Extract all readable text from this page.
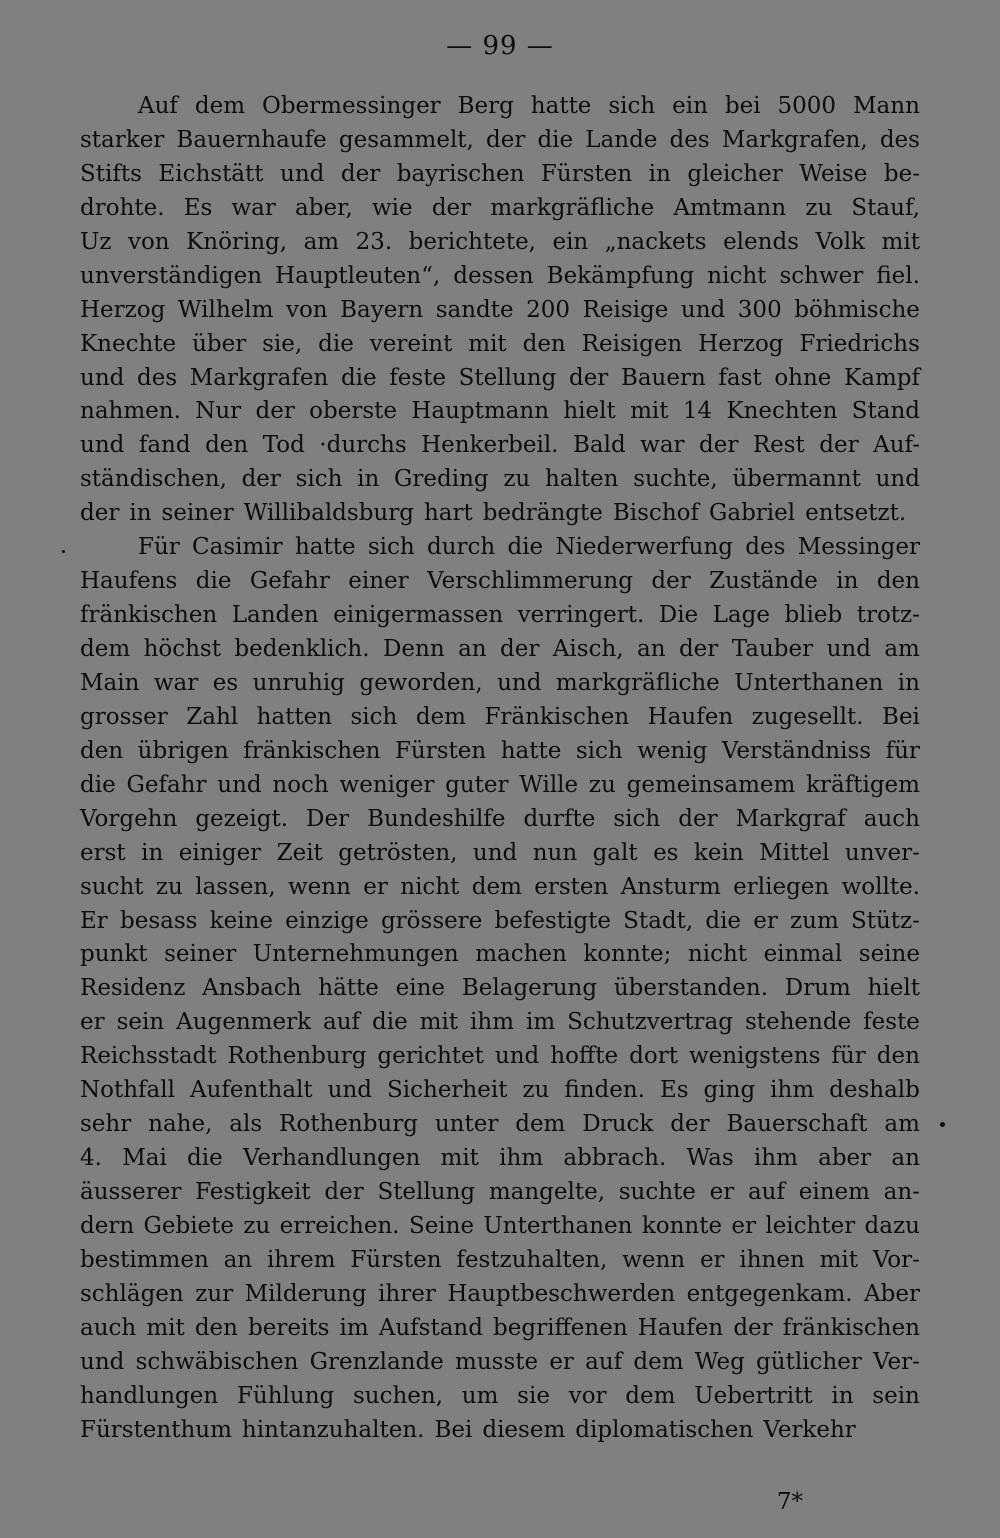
— 99 —
Auf dem Obermessinger Berg hatte sich ein bei 5000 Mann
starker Bauernhaufe gesammelt, der die Lande des Markgrafen, des
Stifts Eichstätt und der bayrischen Fürsten in gleicher Weise be-
drohte. Es war aber, wie der markgräfliche Amtmann zu Stauf,
Uz von Knöring, am 23. berichtete, ein „nackets elends Volk mit
unverständigen Hauptleuten“, dessen Bekämpfung nicht schwer fiel.
Herzog Wilhelm von Bayern sandte 200 Reisige und 300 böhmische
Knechte über sie, die vereint mit den Reisigen Herzog Friedrichs
und des Markgrafen die feste Stellung der Bauern fast ohne Kampf
nahmen. Nur der oberste Hauptmann hielt mit 14 Knechten Stand
und fand den Tod ·durchs Henkerbeil. Bald war der Rest der Auf-
ständischen, der sich in Greding zu halten suchte, übermannt und
der in seiner Willibaldsburg hart bedrängte Bischof Gabriel entsetzt.
Für Casimir hatte sich durch die Niederwerfung des Messinger
Haufens die Gefahr einer Verschlimmerung der Zustände in den
fränkischen Landen einigermassen verringert. Die Lage blieb trotz-
dem höchst bedenklich. Denn an der Aisch, an der Tauber und am
Main war es unruhig geworden, und markgräfliche Unterthanen in
grosser Zahl hatten sich dem Fränkischen Haufen zugesellt. Bei
den übrigen fränkischen Fürsten hatte sich wenig Verständniss für
die Gefahr und noch weniger guter Wille zu gemeinsamem kräftigem
Vorgehn gezeigt. Der Bundeshilfe durfte sich der Markgraf auch
erst in einiger Zeit getrösten, und nun galt es kein Mittel unver-
sucht zu lassen, wenn er nicht dem ersten Ansturm erliegen wollte.
Er besass keine einzige grössere befestigte Stadt, die er zum Stütz-
punkt seiner Unternehmungen machen konnte; nicht einmal seine
Residenz Ansbach hätte eine Belagerung überstanden. Drum hielt
er sein Augenmerk auf die mit ihm im Schutzvertrag stehende feste
Reichsstadt Rothenburg gerichtet und hoffte dort wenigstens für den
Nothfall Aufenthalt und Sicherheit zu finden. Es ging ihm deshalb
sehr nahe, als Rothenburg unter dem Druck der Bauerschaft am
4. Mai die Verhandlungen mit ihm abbrach. Was ihm aber an
äusserer Festigkeit der Stellung mangelte, suchte er auf einem an-
dern Gebiete zu erreichen. Seine Unterthanen konnte er leichter dazu
bestimmen an ihrem Fürsten festzuhalten, wenn er ihnen mit Vor-
schlägen zur Milderung ihrer Hauptbeschwerden entgegenkam. Aber
auch mit den bereits im Aufstand begriffenen Haufen der fränkischen
und schwäbischen Grenzlande musste er auf dem Weg gütlicher Ver-
handlungen Fühlung suchen, um sie vor dem Uebertritt in sein
Fürstenthum hintanzuhalten. Bei diesem diplomatischen Verkehr
7*
